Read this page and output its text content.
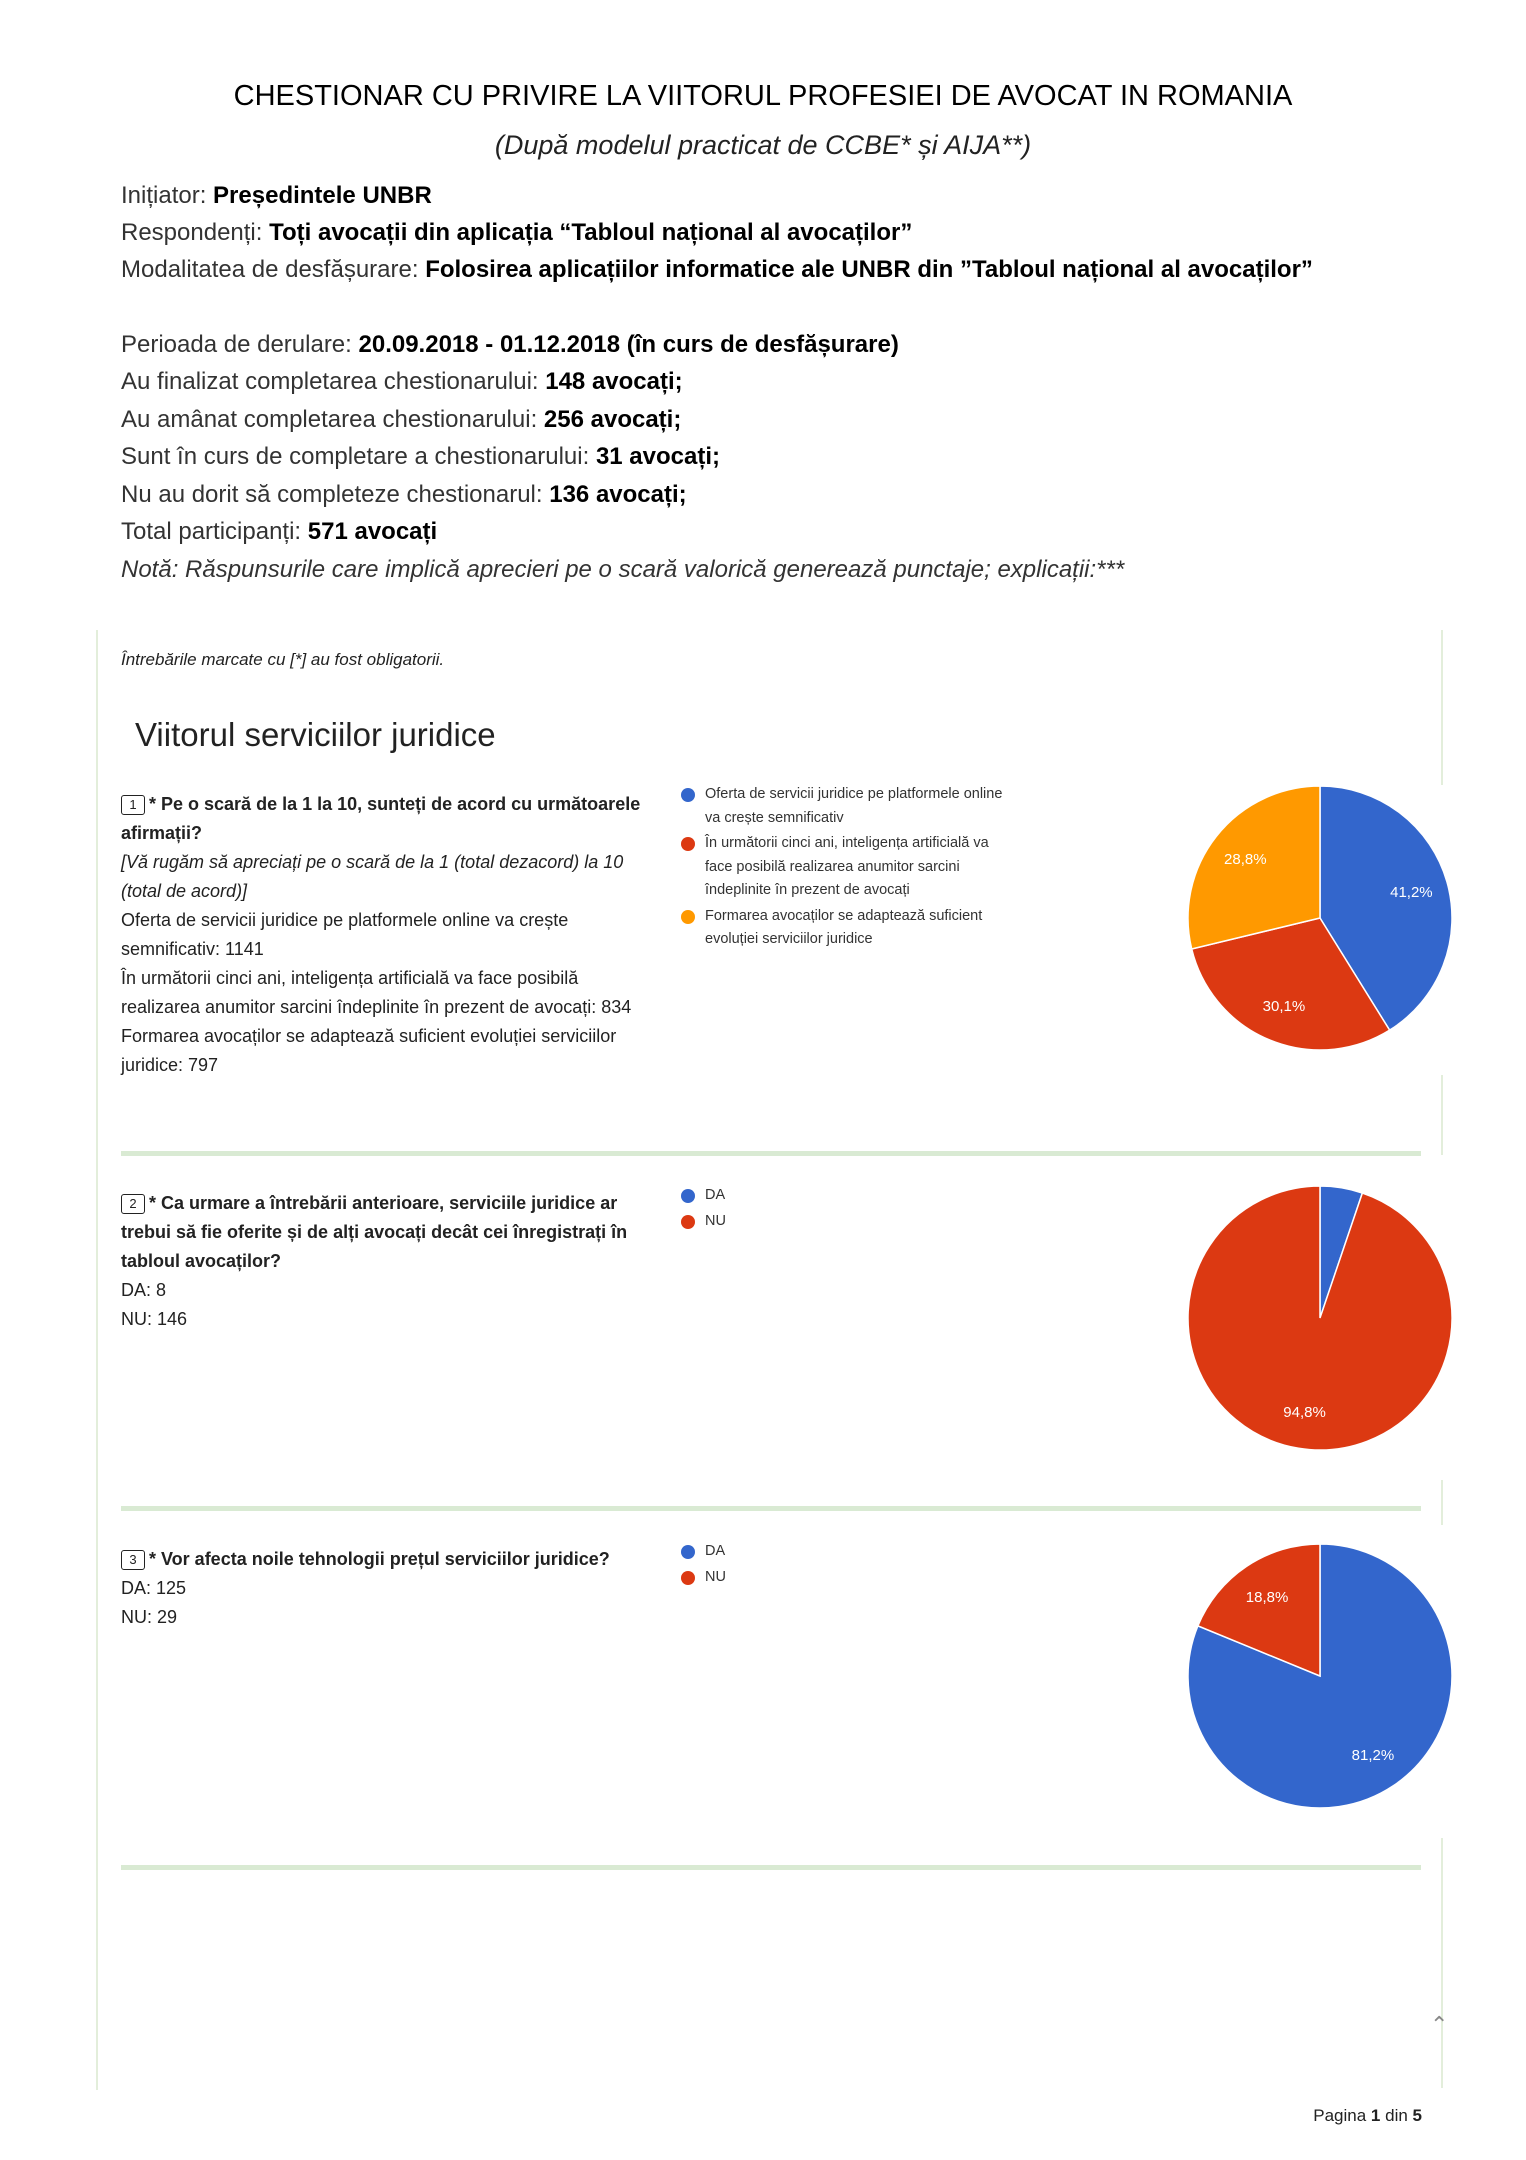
CHESTIONAR CU PRIVIRE LA VIITORUL PROFESIEI DE AVOCAT IN ROMANIA
(După modelul practicat de CCBE* și AIJA**)
Inițiator: Președintele UNBR
Respondenți: Toți avocații din aplicația “Tabloul național al avocaților”
Modalitatea de desfășurare: Folosirea aplicațiilor informatice ale UNBR din ”Tabloul național al avocaților”
Perioada de derulare: 20.09.2018 - 01.12.2018 (în curs de desfășurare)
Au finalizat completarea chestionarului: 148 avocați;
Au amânat completarea chestionarului: 256 avocați;
Sunt în curs de completare a chestionarului: 31 avocați;
Nu au dorit să completeze chestionarul: 136 avocați;
Total participanți: 571 avocați
Notă: Răspunsurile care implică aprecieri pe o scară valorică generează punctaje; explicații:***
Întrebările marcate cu [*] au fost obligatorii.
Viitorul serviciilor juridice
1 * Pe o scară de la 1 la 10, sunteți de acord cu următoarele afirmații?
[Vă rugăm să apreciați pe o scară de la 1 (total dezacord) la 10 (total de acord)]
Oferta de servicii juridice pe platformele online va crește semnificativ: 1141
În următorii cinci ani, inteligența artificială va face posibilă realizarea anumitor sarcini îndeplinite în prezent de avocați: 834
Formarea avocaților se adaptează suficient evoluției serviciilor juridice: 797
Oferta de servicii juridice pe platformele online va crește semnificativ
În următorii cinci ani, inteligența artificială va face posibilă realizarea anumitor sarcini îndeplinite în prezent de avocați
Formarea avocaților se adaptează suficient evoluției serviciilor juridice
41,2%
30,1%
28,8%
2 * Ca urmare a întrebării anterioare, serviciile juridice ar trebui să fie oferite și de alți avocați decât cei înregistrați în tabloul avocaților?
DA: 8
NU: 146
DA
NU
94,8%
3 * Vor afecta noile tehnologii prețul serviciilor juridice?
DA: 125
NU: 29
DA
NU
81,2%
18,8%
⌃
Pagina 1 din 5
